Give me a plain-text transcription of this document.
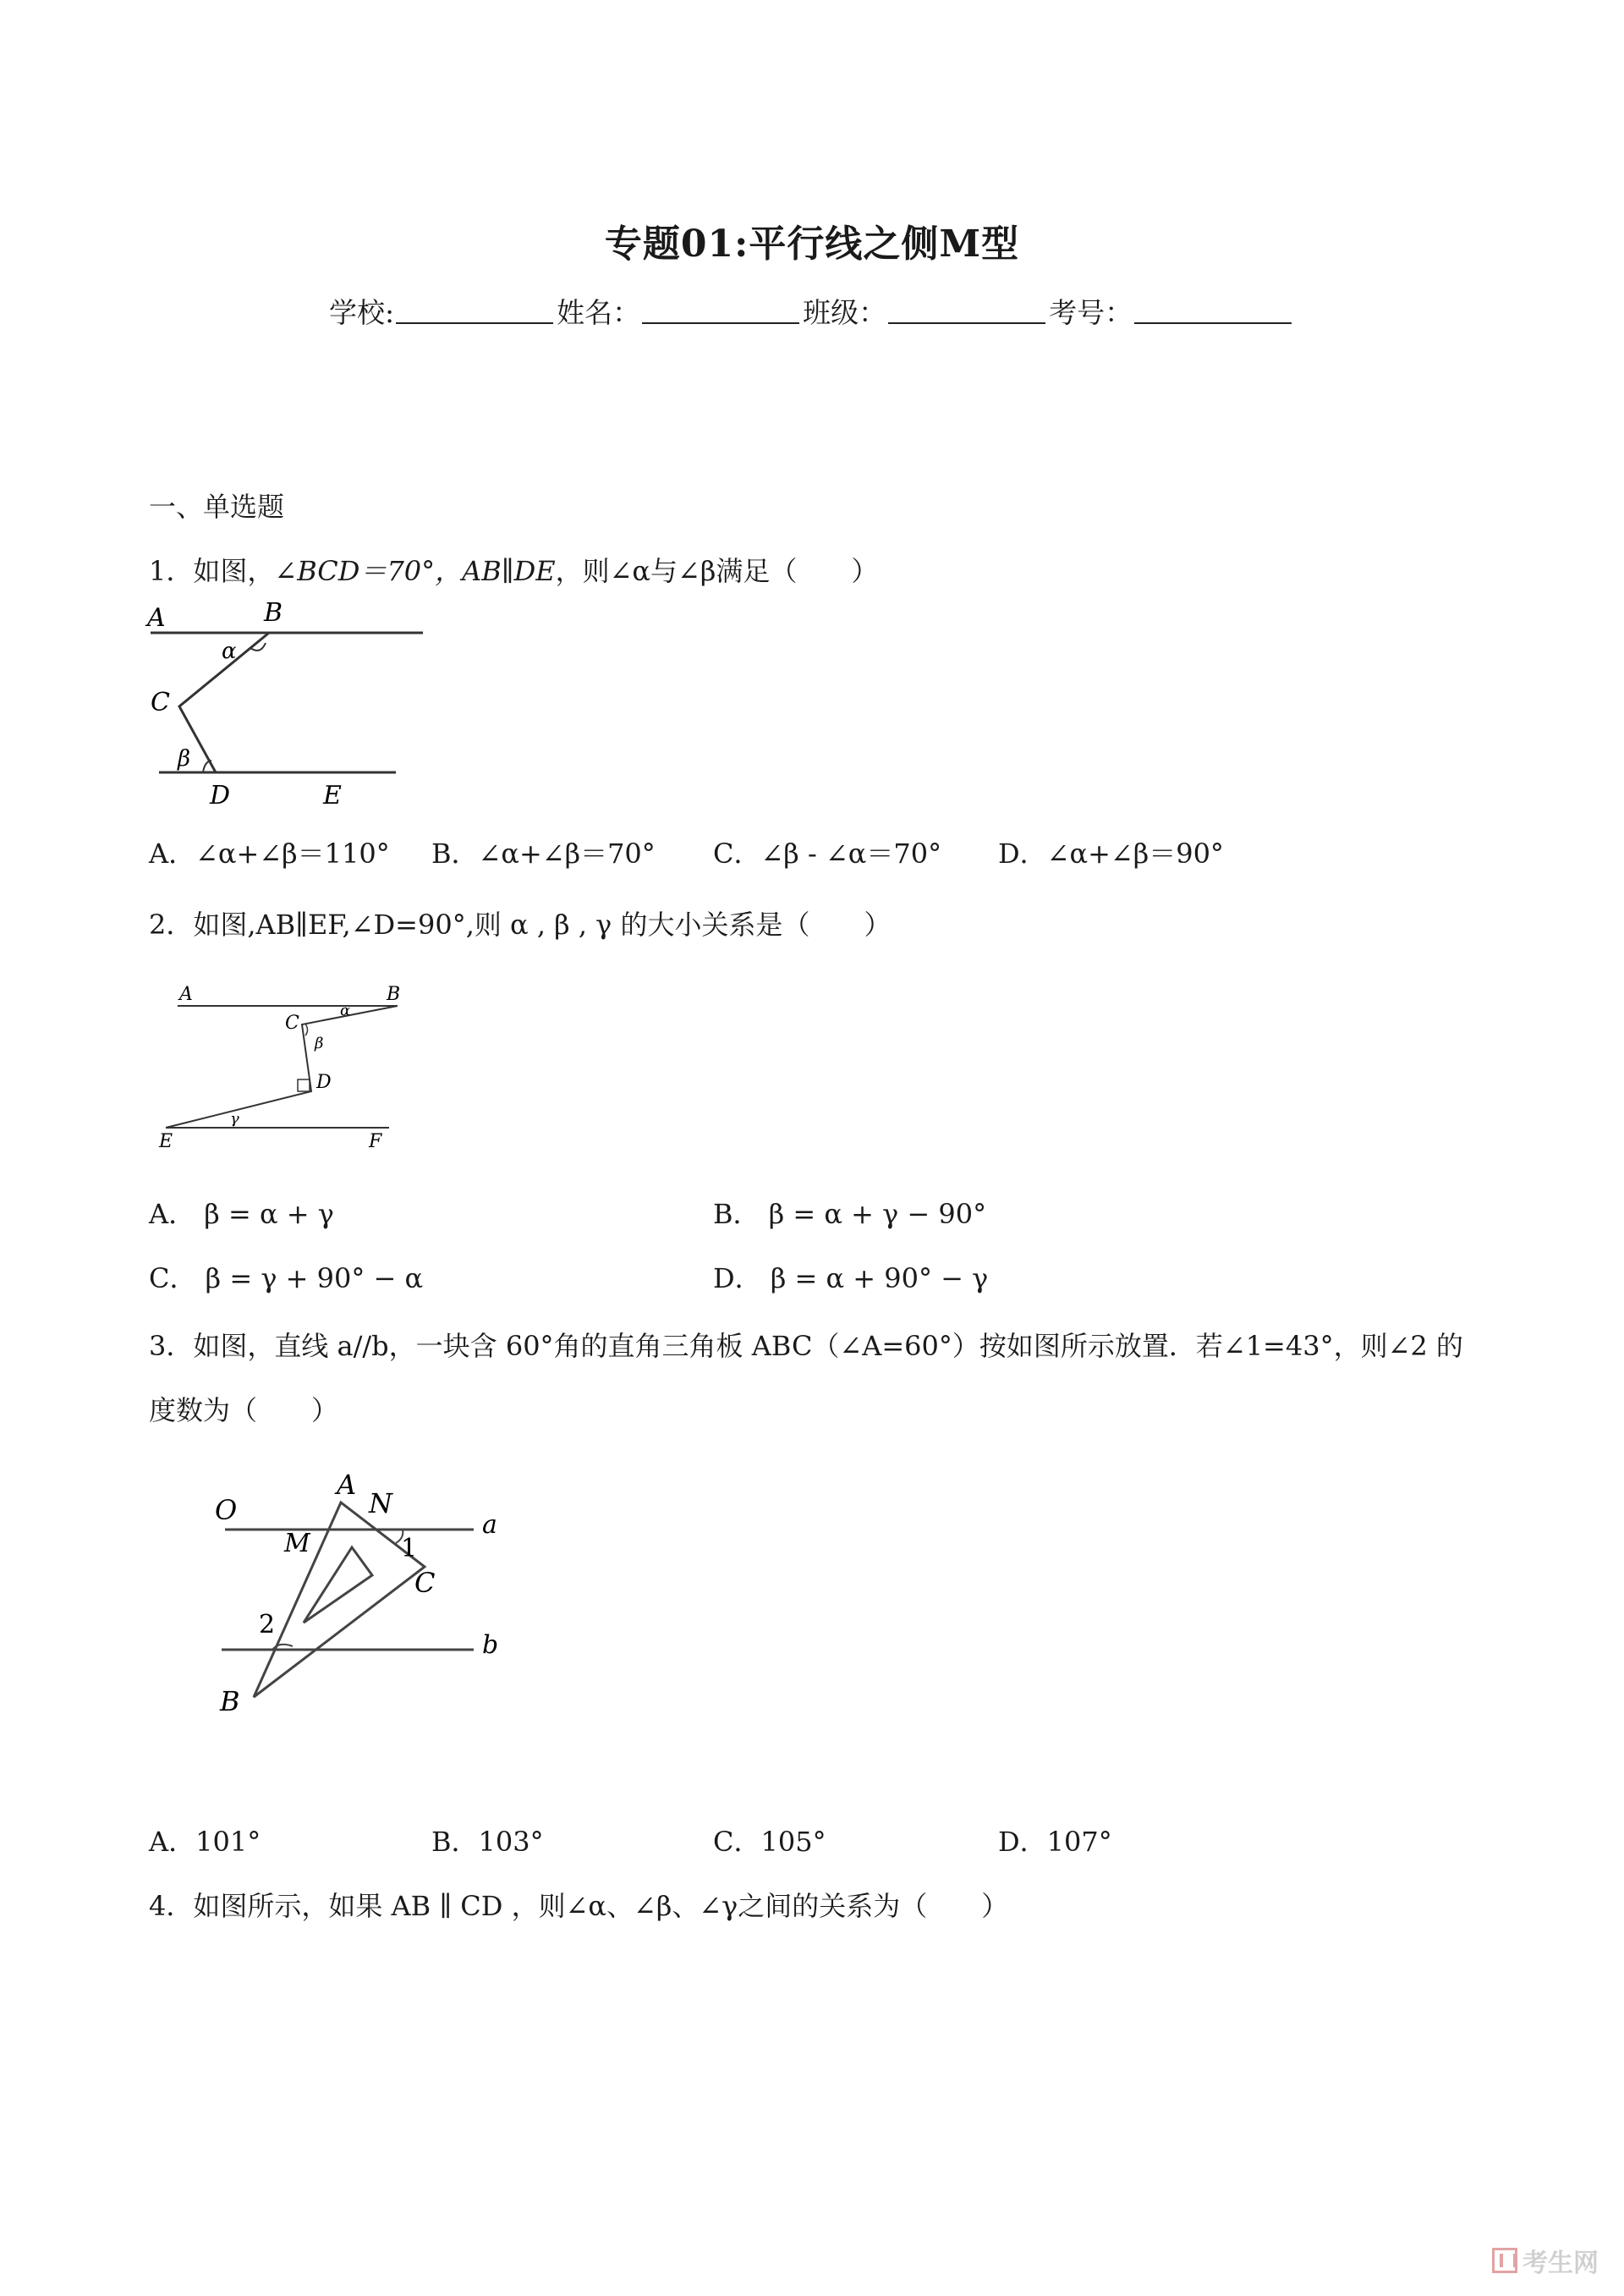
专题01:平行线之侧M型
学校:	姓名：	班级：	考号：
一、单选题
1．如图，∠BCD＝70°，AB∥DE，则∠α与∠β满足（　　）
A	B
α
C
β
D	E
A．∠α+∠β＝110° B．∠α+∠β＝70° C．∠β - ∠α＝70° D．∠α+∠β＝90°
2．如图,AB∥EF,∠D=90°,则 α , β , γ 的大小关系是（　　）
A	B
α
C
β
D
E
γ
F
A． β = α + γ	B． β = α + γ − 90°
C． β = γ + 90° − α	D． β = α + 90° − γ
3．如图，直线 a//b，一块含 60°角的直角三角板 ABC（∠A=60°）按如图所示放置．若∠1=43°，则∠2 的
度数为（　　）
A
N
O
M	1
a
C
2
b
B
A．101°	B．103°	C．105°	D．107°
4．如图所示，如果 AB ∥ CD ，则∠α、∠β、∠γ之间的关系为（　　）
考生网
